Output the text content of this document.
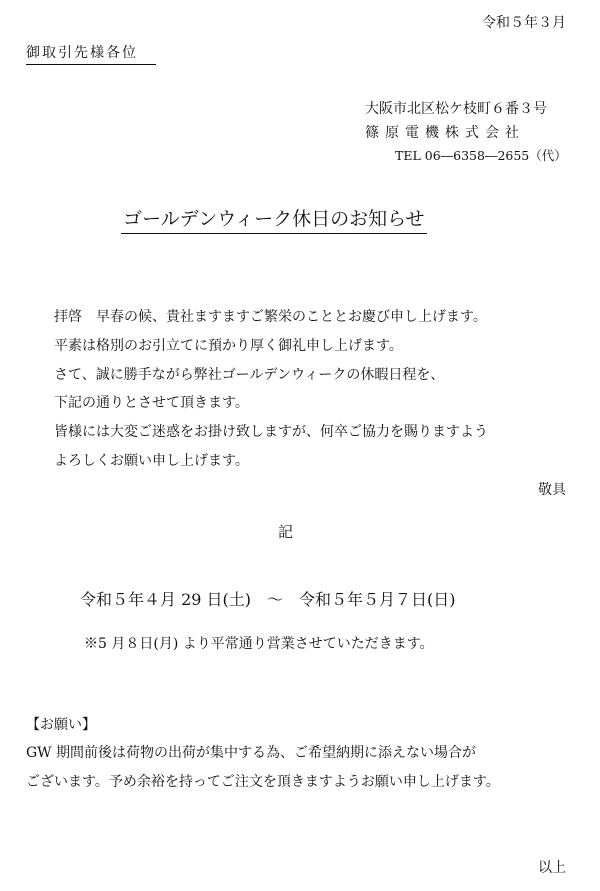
令和５年３月
御取引先様各位
大阪市北区松ケ枝町６番３号
篠原電機株式会社
TEL 06―6358―2655（代）
ゴールデンウィーク休日のお知らせ
拝啓　早春の候、貴社ますますご繁栄のこととお慶び申し上げます。
平素は格別のお引立てに預かり厚く御礼申し上げます。
さて、誠に勝手ながら弊社ゴールデンウィークの休暇日程を、
下記の通りとさせて頂きます。
皆様には大変ご迷惑をお掛け致しますが、何卒ご協力を賜りますよう
よろしくお願い申し上げます。
敬具
記
令和５年４月 29 日(土)　～　令和５年５月７日(日)
※5 月８日(月) より平常通り営業させていただきます。
【お願い】
GW 期間前後は荷物の出荷が集中する為、ご希望納期に添えない場合が
ございます。予め余裕を持ってご注文を頂きますようお願い申し上げます。
以上
